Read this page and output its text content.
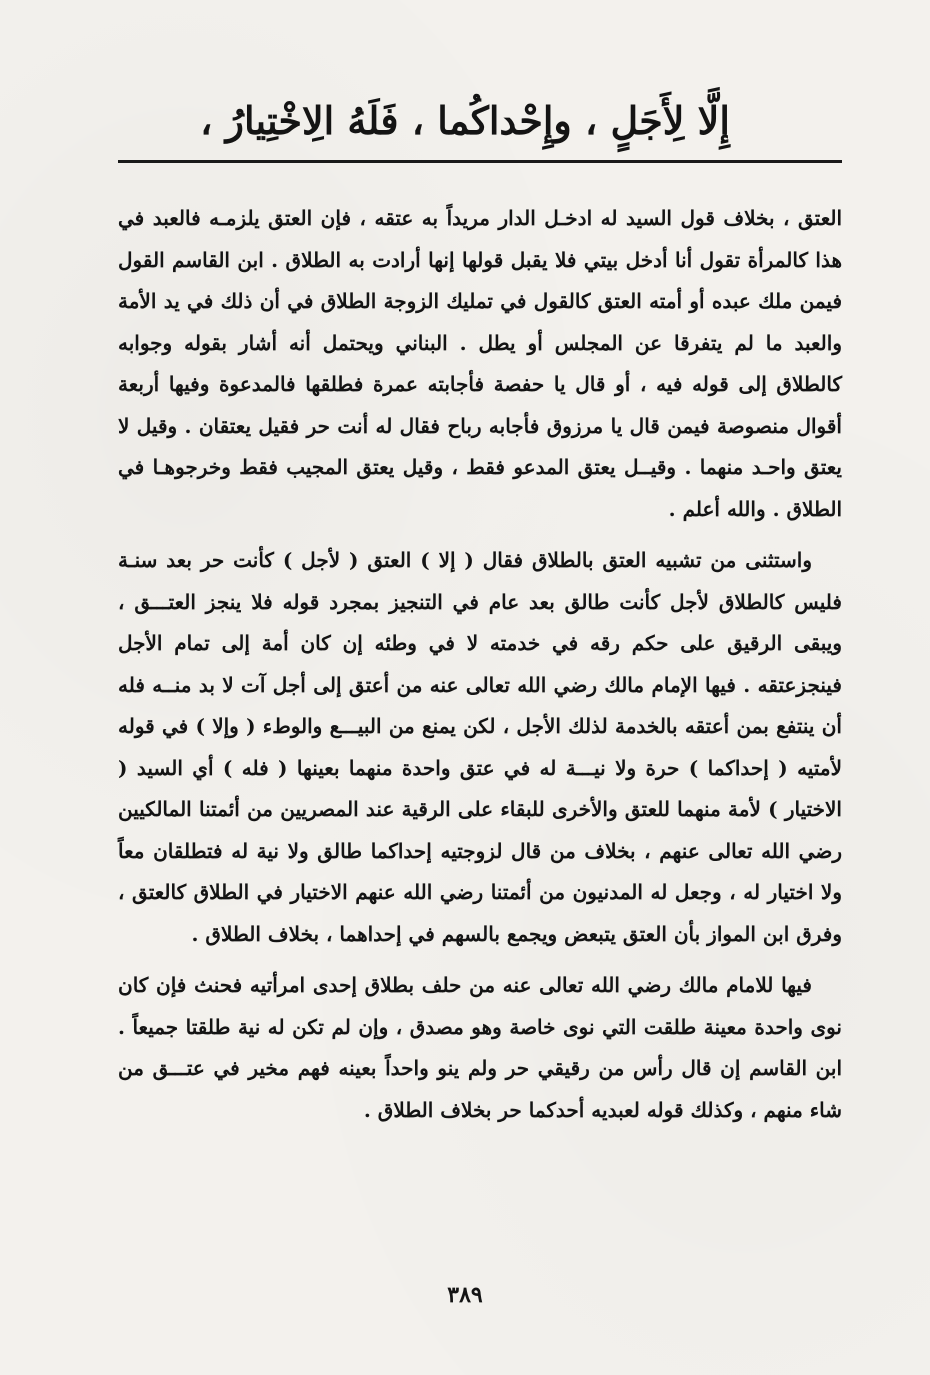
إِلَّا لِأَجَلٍ ، وإِحْداكُما ، فَلَهُ الِاخْتِيارُ ،

العتق ، بخلاف قول السيد له ادخـل الدار مريداً به عتقه ، فإن العتق يلزمـه فالعبد في هذا كالمرأة تقول أنا أدخل بيتي فلا يقبل قولها إنها أرادت به الطلاق . ابن القاسم القول فيمن ملك عبده أو أمته العتق كالقول في تمليك الزوجة الطلاق في أن ذلك في يد الأمة والعبد ما لم يتفرقا عن المجلس أو يطل . البناني ويحتمل أنه أشار بقوله وجوابه كالطلاق إلى قوله فيه ، أو قال يا حفصة فأجابته عمرة فطلقها فالمدعوة وفيها أربعة أقوال منصوصة فيمن قال يا مرزوق فأجابه رباح فقال له أنت حر فقيل يعتقان . وقيل لا يعتق واحـد منهما . وقيــل يعتق المدعو فقط ، وقيل يعتق المجيب فقط وخرجوهـا في الطلاق . والله أعلم .

واستثنى من تشبيه العتق بالطلاق فقال ( إلا ) العتق ( لأجل ) كأنت حر بعد سنـة فليس كالطلاق لأجل كأنت طالق بعد عام في التنجيز بمجرد قوله فلا ينجز العتـــق ، ويبقى الرقيق على حكم رقه في خدمته لا في وطئه إن كان أمة إلى تمام الأجل فينجزعتقه . فيها الإمام مالك رضي الله تعالى عنه من أعتق إلى أجل آت لا بد منــه فله أن ينتفع بمن أعتقه بالخدمة لذلك الأجل ، لكن يمنع من البيـــع والوطء ( وإلا ) في قوله لأمتيه ( إحداكما ) حرة ولا نيـــة له في عتق واحدة منهما بعينها ( فله ) أي السيد ( الاختيار ) لأمة منهما للعتق والأخرى للبقاء على الرقية عند المصريين من أئمتنا المالكيين رضي الله تعالى عنهم ، بخلاف من قال لزوجتيه إحداكما طالق ولا نية له فتطلقان معاً ولا اختيار له ، وجعل له المدنيون من أئمتنا رضي الله عنهم الاختيار في الطلاق كالعتق ، وفرق ابن المواز بأن العتق يتبعض ويجمع بالسهم في إحداهما ، بخلاف الطلاق .

فيها للامام مالك رضي الله تعالى عنه من حلف بطلاق إحدى امرأتيه فحنث فإن كان نوى واحدة معينة طلقت التي نوى خاصة وهو مصدق ، وإن لم تكن له نية طلقتا جميعاً . ابن القاسم إن قال رأس من رقيقي حر ولم ينو واحداً بعينه فهم مخير في عتـــق من شاء منهم ، وكذلك قوله لعبديه أحدكما حر بخلاف الطلاق .

٣٨٩
